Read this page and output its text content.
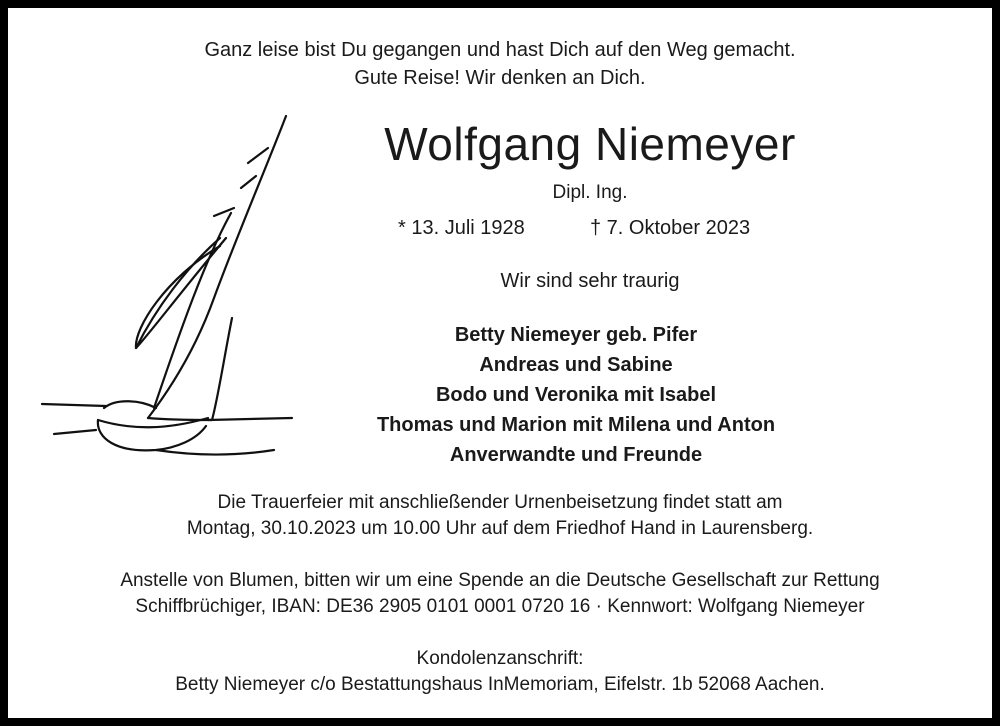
Ganz leise bist Du gegangen und hast Dich auf den Weg gemacht.
Gute Reise! Wir denken an Dich.
Wolfgang Niemeyer
Dipl. Ing.
* 13. Juli 1928	† 7. Oktober 2023
Wir sind sehr traurig
Betty Niemeyer geb. Pifer
Andreas und Sabine
Bodo und Veronika mit Isabel
Thomas und Marion mit Milena und Anton
Anverwandte und Freunde
Die Trauerfeier mit anschließender Urnenbeisetzung findet statt am
Montag, 30.10.2023 um 10.00 Uhr auf dem Friedhof Hand in Laurensberg.
Anstelle von Blumen, bitten wir um eine Spende an die Deutsche Gesellschaft zur Rettung
Schiffbrüchiger, IBAN: DE36 2905 0101 0001 0720 16 · Kennwort: Wolfgang Niemeyer
Kondolenzanschrift:
Betty Niemeyer c/o Bestattungshaus InMemoriam, Eifelstr. 1b 52068 Aachen.
